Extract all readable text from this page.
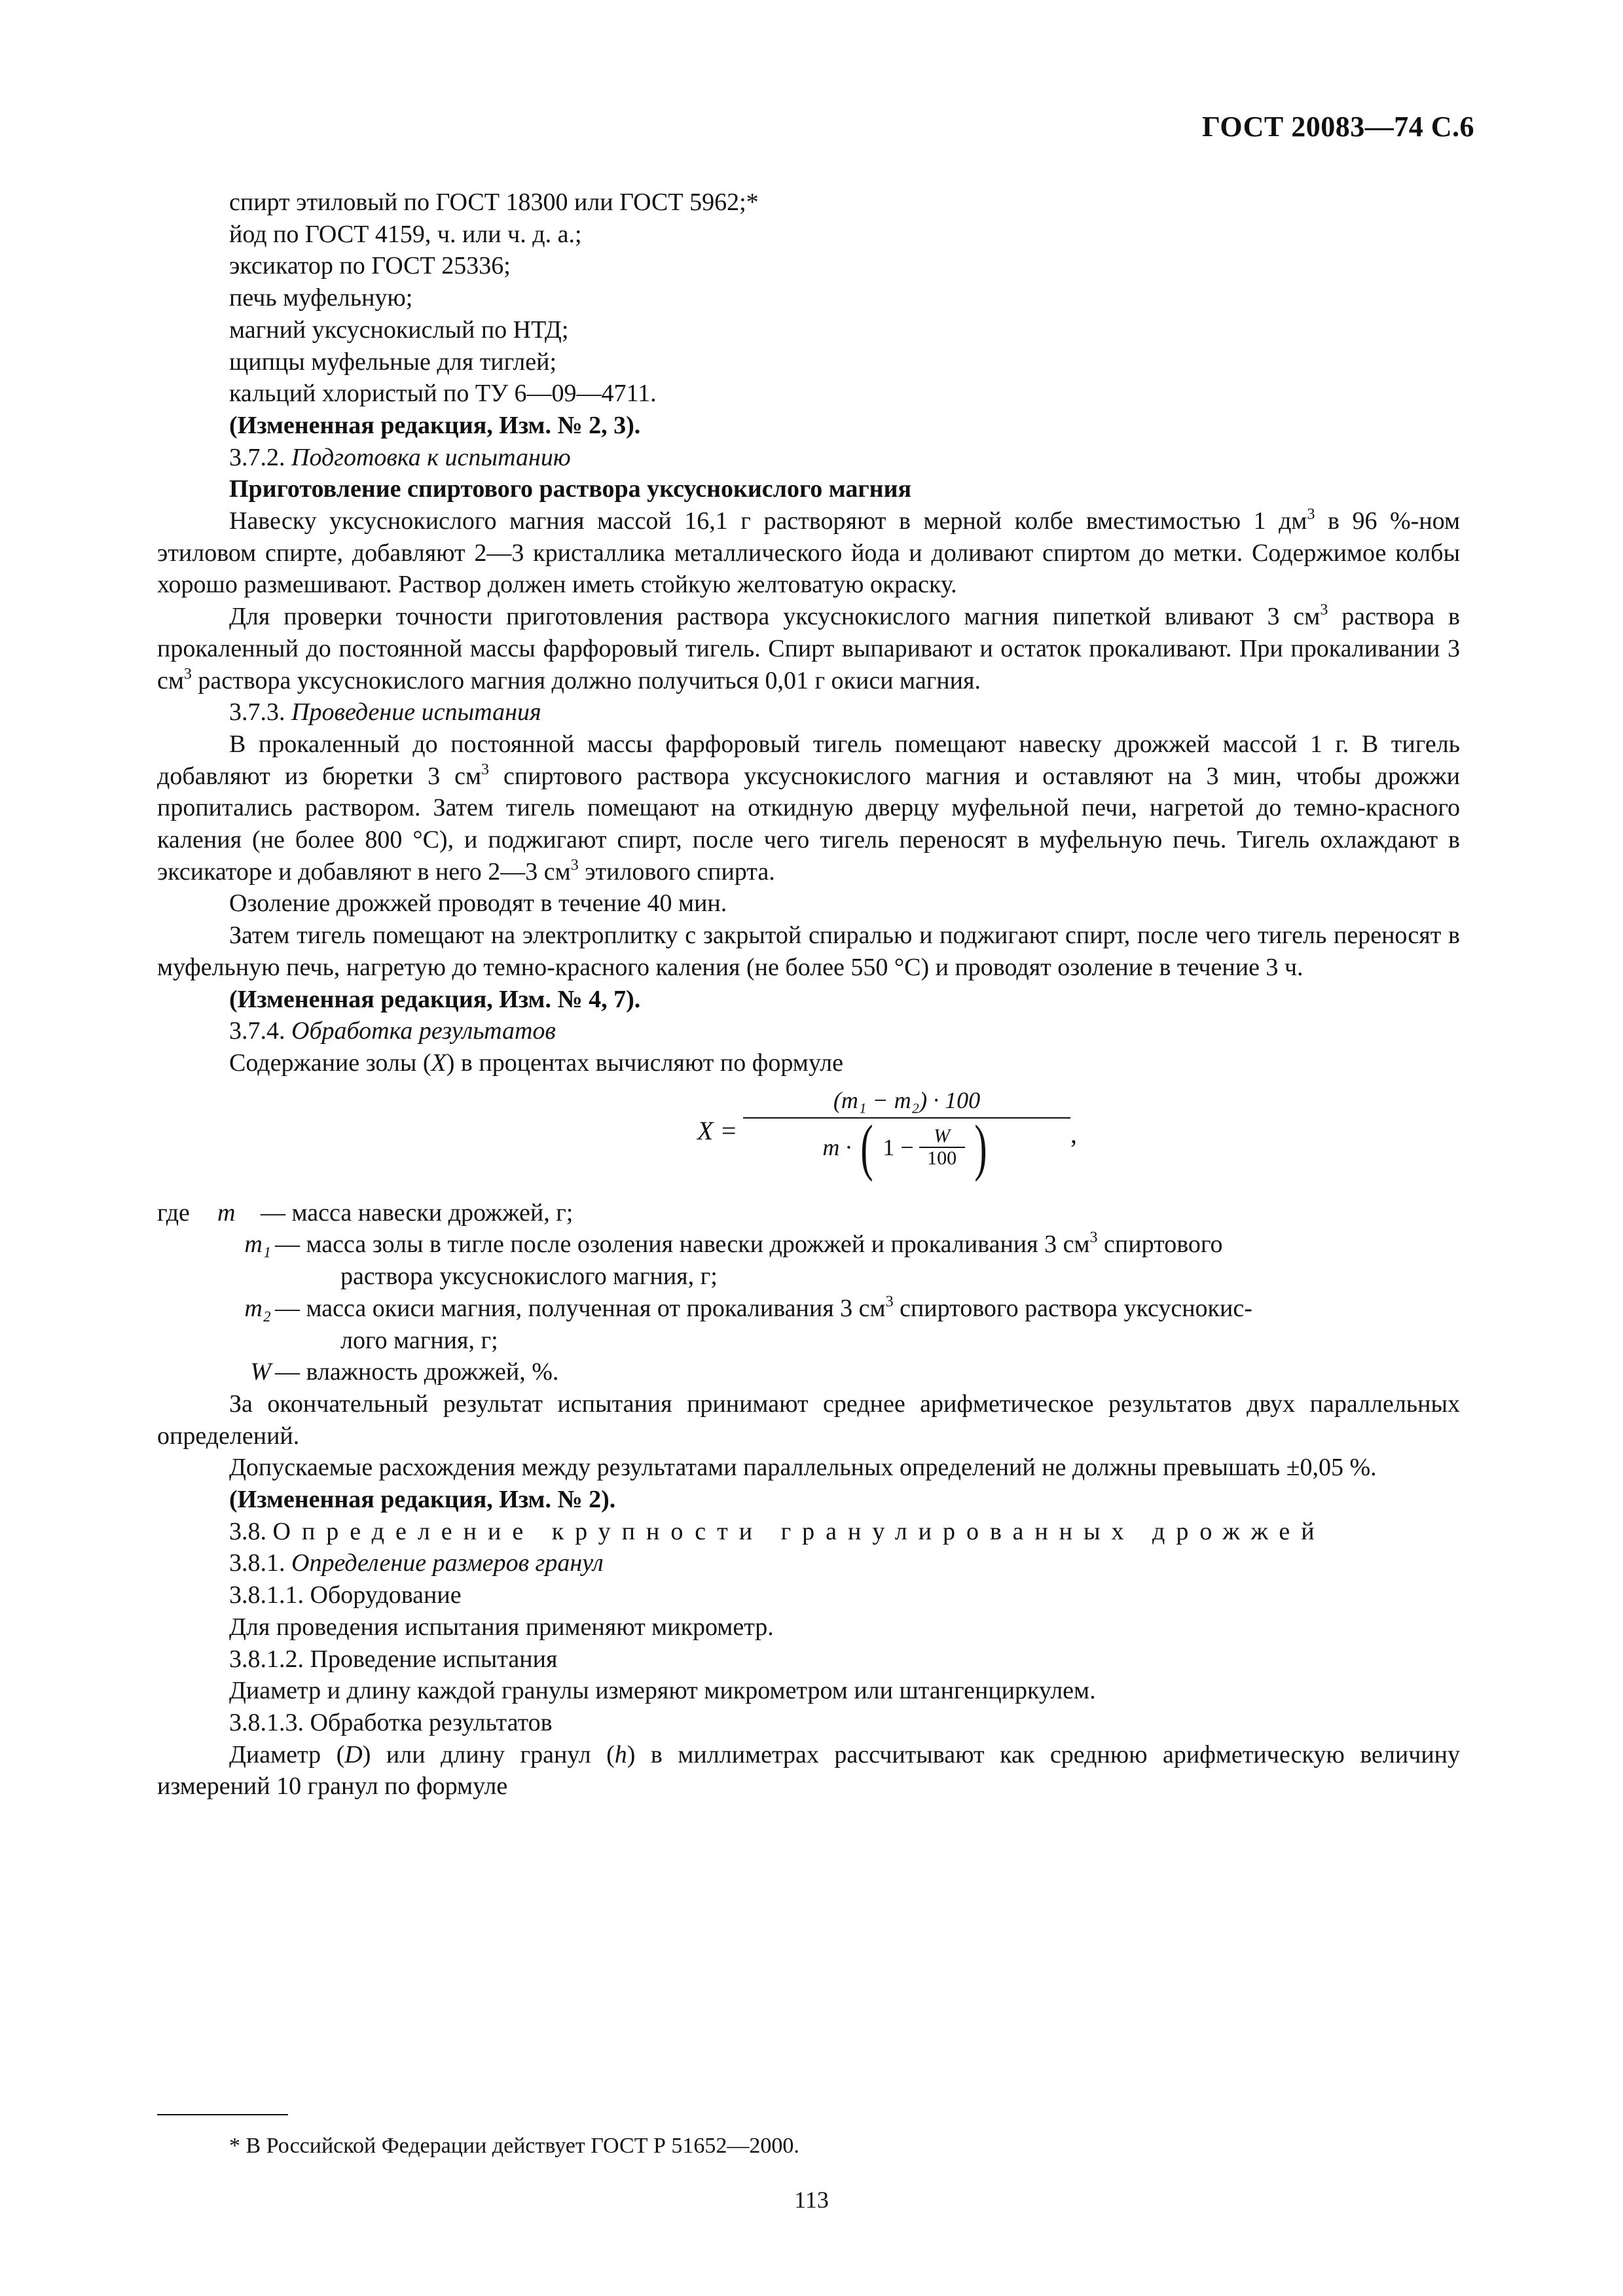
ГОСТ 20083—74 С.6
спирт этиловый по ГОСТ 18300 или ГОСТ 5962;*
йод по ГОСТ 4159, ч. или ч. д. а.;
эксикатор по ГОСТ 25336;
печь муфельную;
магний уксуснокислый по НТД;
щипцы муфельные для тиглей;
кальций хлористый по ТУ 6—09—4711.
(Измененная редакция, Изм. № 2, 3).
3.7.2. Подготовка к испытанию
Приготовление спиртового раствора уксуснокислого магния
Навеску уксуснокислого магния массой 16,1 г растворяют в мерной колбе вместимостью 1 $дм^3$ в 96 %-ном этиловом спирте, добавляют 2—3 кристаллика металлического йода и доливают спиртом до метки. Содержимое колбы хорошо размешивают. Раствор должен иметь стойкую желтоватую окраску.
Для проверки точности приготовления раствора уксуснокислого магния пипеткой вливают 3 $см^3$ раствора в прокаленный до постоянной массы фарфоровый тигель. Спирт выпаривают и остаток прокаливают. При прокаливании 3 $см^3$ раствора уксуснокислого магния должно получиться 0,01 г окиси магния.
3.7.3. Проведение испытания
В прокаленный до постоянной массы фарфоровый тигель помещают навеску дрожжей массой 1 г. В тигель добавляют из бюретки 3 $см^3$ спиртового раствора уксуснокислого магния и оставляют на 3 мин, чтобы дрожжи пропитались раствором. Затем тигель помещают на откидную дверцу муфельной печи, нагретой до темно-красного каления (не более 800 °С), и поджигают спирт, после чего тигель переносят в муфельную печь. Тигель охлаждают в эксикаторе и добавляют в него 2—3 $см^3$ этилового спирта.
Озоление дрожжей проводят в течение 40 мин.
Затем тигель помещают на электроплитку с закрытой спиралью и поджигают спирт, после чего тигель переносят в муфельную печь, нагретую до темно-красного каления (не более 550 °С) и проводят озоление в течение 3 ч.
(Измененная редакция, Изм. № 4, 7).
3.7.4. Обработка результатов
Содержание золы (X) в процентах вычисляют по формуле
X =
(m₁ − m₂) · 100
m · ( 1 − W
100 )	,
где	m	— масса навески дрожжей, г;
m₁ — масса золы в тигле после озоления навески дрожжей и прокаливания 3 $см^3$ спиртового
раствора уксуснокислого магния, г;
m₂ — масса окиси магния, полученная от прокаливания 3 $см^3$ спиртового раствора уксуснокис-
лого магния, г;
W — влажность дрожжей, %.
За окончательный результат испытания принимают среднее арифметическое результатов двух параллельных определений.
Допускаемые расхождения между результатами параллельных определений не должны превышать ±0,05 %.
(Измененная редакция, Изм. № 2).
3.8. Определение крупности гранулированных дрожжей
3.8.1. Определение размеров гранул
3.8.1.1. Оборудование
Для проведения испытания применяют микрометр.
3.8.1.2. Проведение испытания
Диаметр и длину каждой гранулы измеряют микрометром или штангенциркулем.
3.8.1.3. Обработка результатов
Диаметр (D) или длину гранул (h) в миллиметрах рассчитывают как среднюю арифметическую величину измерений 10 гранул по формуле
* В Российской Федерации действует ГОСТ Р 51652—2000.
113
